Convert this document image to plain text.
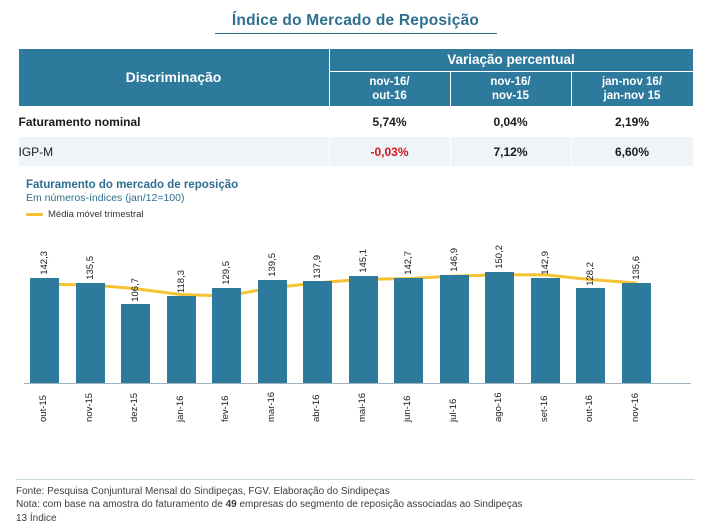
Índice do Mercado de Reposição
Discriminação	Variação percentual		

nov-16/
out-16

nov-16/
nov-15

jan-nov 16/
jan-nov 15

Faturamento nominal	5,74%	0,04%	2,19%
IGP-M	-0,03%	7,12%	6,60%
Faturamento do mercado de reposição
Em números-índices (jan/12=100)
Média móvel trimestral
142,3
out-15
135,5
nov-15
106,7
dez-15
118,3
jan-16
129,5
fev-16
139,5
mar-16
137,9
abr-16
145,1
mai-16
142,7
jun-16
146,9
jul-16
150,2
ago-16
142,9
set-16
128,2
out-16
135,6
nov-16
Fonte: Pesquisa Conjuntural Mensal do Sindipeças, FGV. Elaboração do Sindipeças
Nota: com base na amostra do faturamento de 49 empresas do segmento de reposição associadas ao Sindipeças
13 Índice
